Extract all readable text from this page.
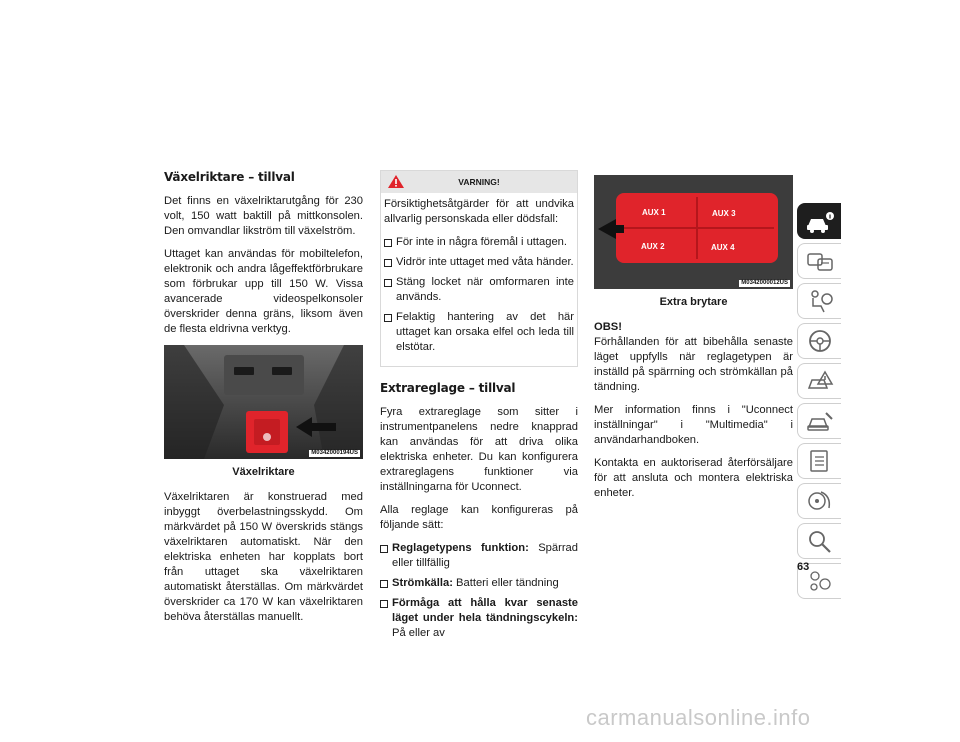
Växelriktare – tillval

Det finns en växelriktarutgång för 230 volt, 150 watt baktill på mittkonsolen. Den omvandlar likström till växelström.

Uttaget kan användas för mobiltelefon, elektronik och andra lågeffektförbrukare som förbrukar upp till 150 W. Vissa avancerade videospelkonsoler överskrider denna gräns, liksom även de flesta eldrivna verktyg.

M0342000194US
Växelriktare

Växelriktaren är konstruerad med inbyggt överbelastningsskydd. Om märkvärdet på 150 W överskrids stängs växelriktaren automatiskt. När den elektriska enheten har kopplats bort från uttaget ska växelriktaren automatiskt återställas. Om märkvärdet överskrider ca 170 W kan växelriktaren behöva återställas manuellt.

VARNING!

Försiktighetsåtgärder för att undvika allvarlig personskada eller dödsfall:

För inte in några föremål i uttagen.
Vidrör inte uttaget med våta händer.
Stäng locket när omformaren inte används.
Felaktig hantering av det här uttaget kan orsaka elfel och leda till elstötar.
Extrareglage – tillval

Fyra extrareglage som sitter i instrumentpanelens nedre knapprad kan användas för att driva olika elektriska enheter. Du kan konfigurera extrareglagens funktioner via inställningarna för Uconnect.

Alla reglage kan konfigureras på följande sätt:

Reglagetypens funktion: Spärrad eller tillfällig
Strömkälla: Batteri eller tändning
Förmåga att hålla kvar senaste läget under hela tändningscykeln: På eller av
AUX 1	AUX 3
AUX 2	AUX 4
M0342000012US
Extra brytare

OBS!
Förhållanden för att bibehålla senaste läget uppfylls när reglagetypen är inställd på spärrning och strömkällan på tändning.

Mer information finns i "Uconnect inställningar" i "Multimedia" i användarhandboken.

Kontakta en auktoriserad återförsäljare för att ansluta och montera elektriska enheter.

63
carmanualsonline.info
